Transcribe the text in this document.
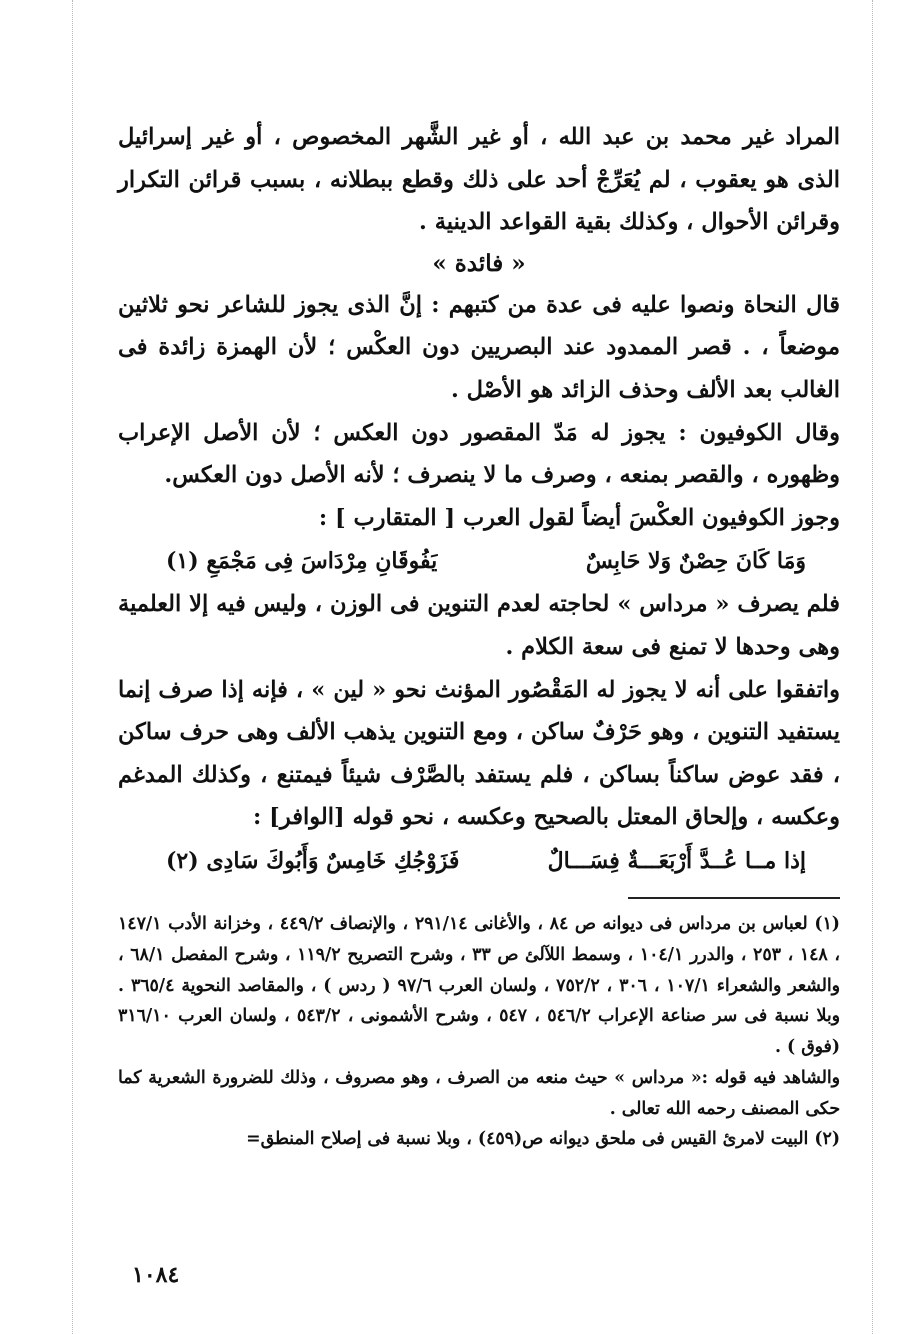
المراد غير محمد بن عبد الله ، أو غير الشَّهر المخصوص ، أو غير إسرائيل الذى هو يعقوب ، لم يُعَرِّجْ أحد على ذلك وقطع ببطلانه ، بسبب قرائن التكرار وقرائن الأحوال ، وكذلك بقية القواعد الدينية .

« فائدة »

قال النحاة ونصوا عليه فى عدة من كتبهم : إنَّ الذى يجوز للشاعر نحو ثلاثين موضعاً ، . قصر الممدود عند البصريين دون العكْس ؛ لأن الهمزة زائدة فى الغالب بعد الألف وحذف الزائد هو الأصْل .

وقال الكوفيون : يجوز له مَدّ المقصور دون العكس ؛ لأن الأصل الإعراب وظهوره ، والقصر بمنعه ، وصرف ما لا ينصرف ؛ لأنه الأصل دون العكس.

وجوز الكوفيون العكْسَ أيضاً لقول العرب [ المتقارب ] :

وَمَا كَانَ حِصْنٌ وَلا حَابِسٌ
يَفُوقَانِ مِرْدَاسَ فِى مَجْمَعِ (١)

فلم يصرف « مرداس » لحاجته لعدم التنوين فى الوزن ، وليس فيه إلا العلمية وهى وحدها لا تمنع فى سعة الكلام .

واتفقوا على أنه لا يجوز له المَقْصُور المؤنث نحو « لين » ، فإنه إذا صرف إنما يستفيد التنوين ، وهو حَرْفٌ ساكن ، ومع التنوين يذهب الألف وهى حرف ساكن ، فقد عوض ساكناً بساكن ، فلم يستفد بالصَّرْف شيئاً فيمتنع ، وكذلك المدغم وعكسه ، وإلحاق المعتل بالصحيح وعكسه ، نحو قوله [الوافر] :

إذا مــا عُــدَّ أَرْبَعَـــةٌ فِسَـــالٌ
فَزَوْجُكِ خَامِسٌ وَأَبُوكَ سَادِى (٢)

(١) لعباس بن مرداس فى ديوانه ص ٨٤ ، والأغانى ٢٩١/١٤ ، والإنصاف ٤٤٩/٢ ، وخزانة الأدب ١٤٧/١ ، ١٤٨ ، ٢٥٣ ، والدرر ١٠٤/١ ، وسمط اللآلئ ص ٣٣ ، وشرح التصريح ١١٩/٢ ، وشرح المفصل ٦٨/١ ، والشعر والشعراء ١٠٧/١ ، ٣٠٦ ، ٧٥٢/٢ ، ولسان العرب ٩٧/٦ ( ردس ) ، والمقاصد النحوية ٣٦٥/٤ . وبلا نسبة فى سر صناعة الإعراب ٥٤٦/٢ ، ٥٤٧ ، وشرح الأشمونى ، ٥٤٣/٢ ، ولسان العرب ٣١٦/١٠ (فوق ) .

والشاهد فيه قوله :« مرداس » حيث منعه من الصرف ، وهو مصروف ، وذلك للضرورة الشعرية كما حكى المصنف رحمه الله تعالى .

(٢) البيت لامرئ القيس فى ملحق ديوانه ص(٤٥٩) ، وبلا نسبة فى إصلاح المنطق=

١٠٨٤
